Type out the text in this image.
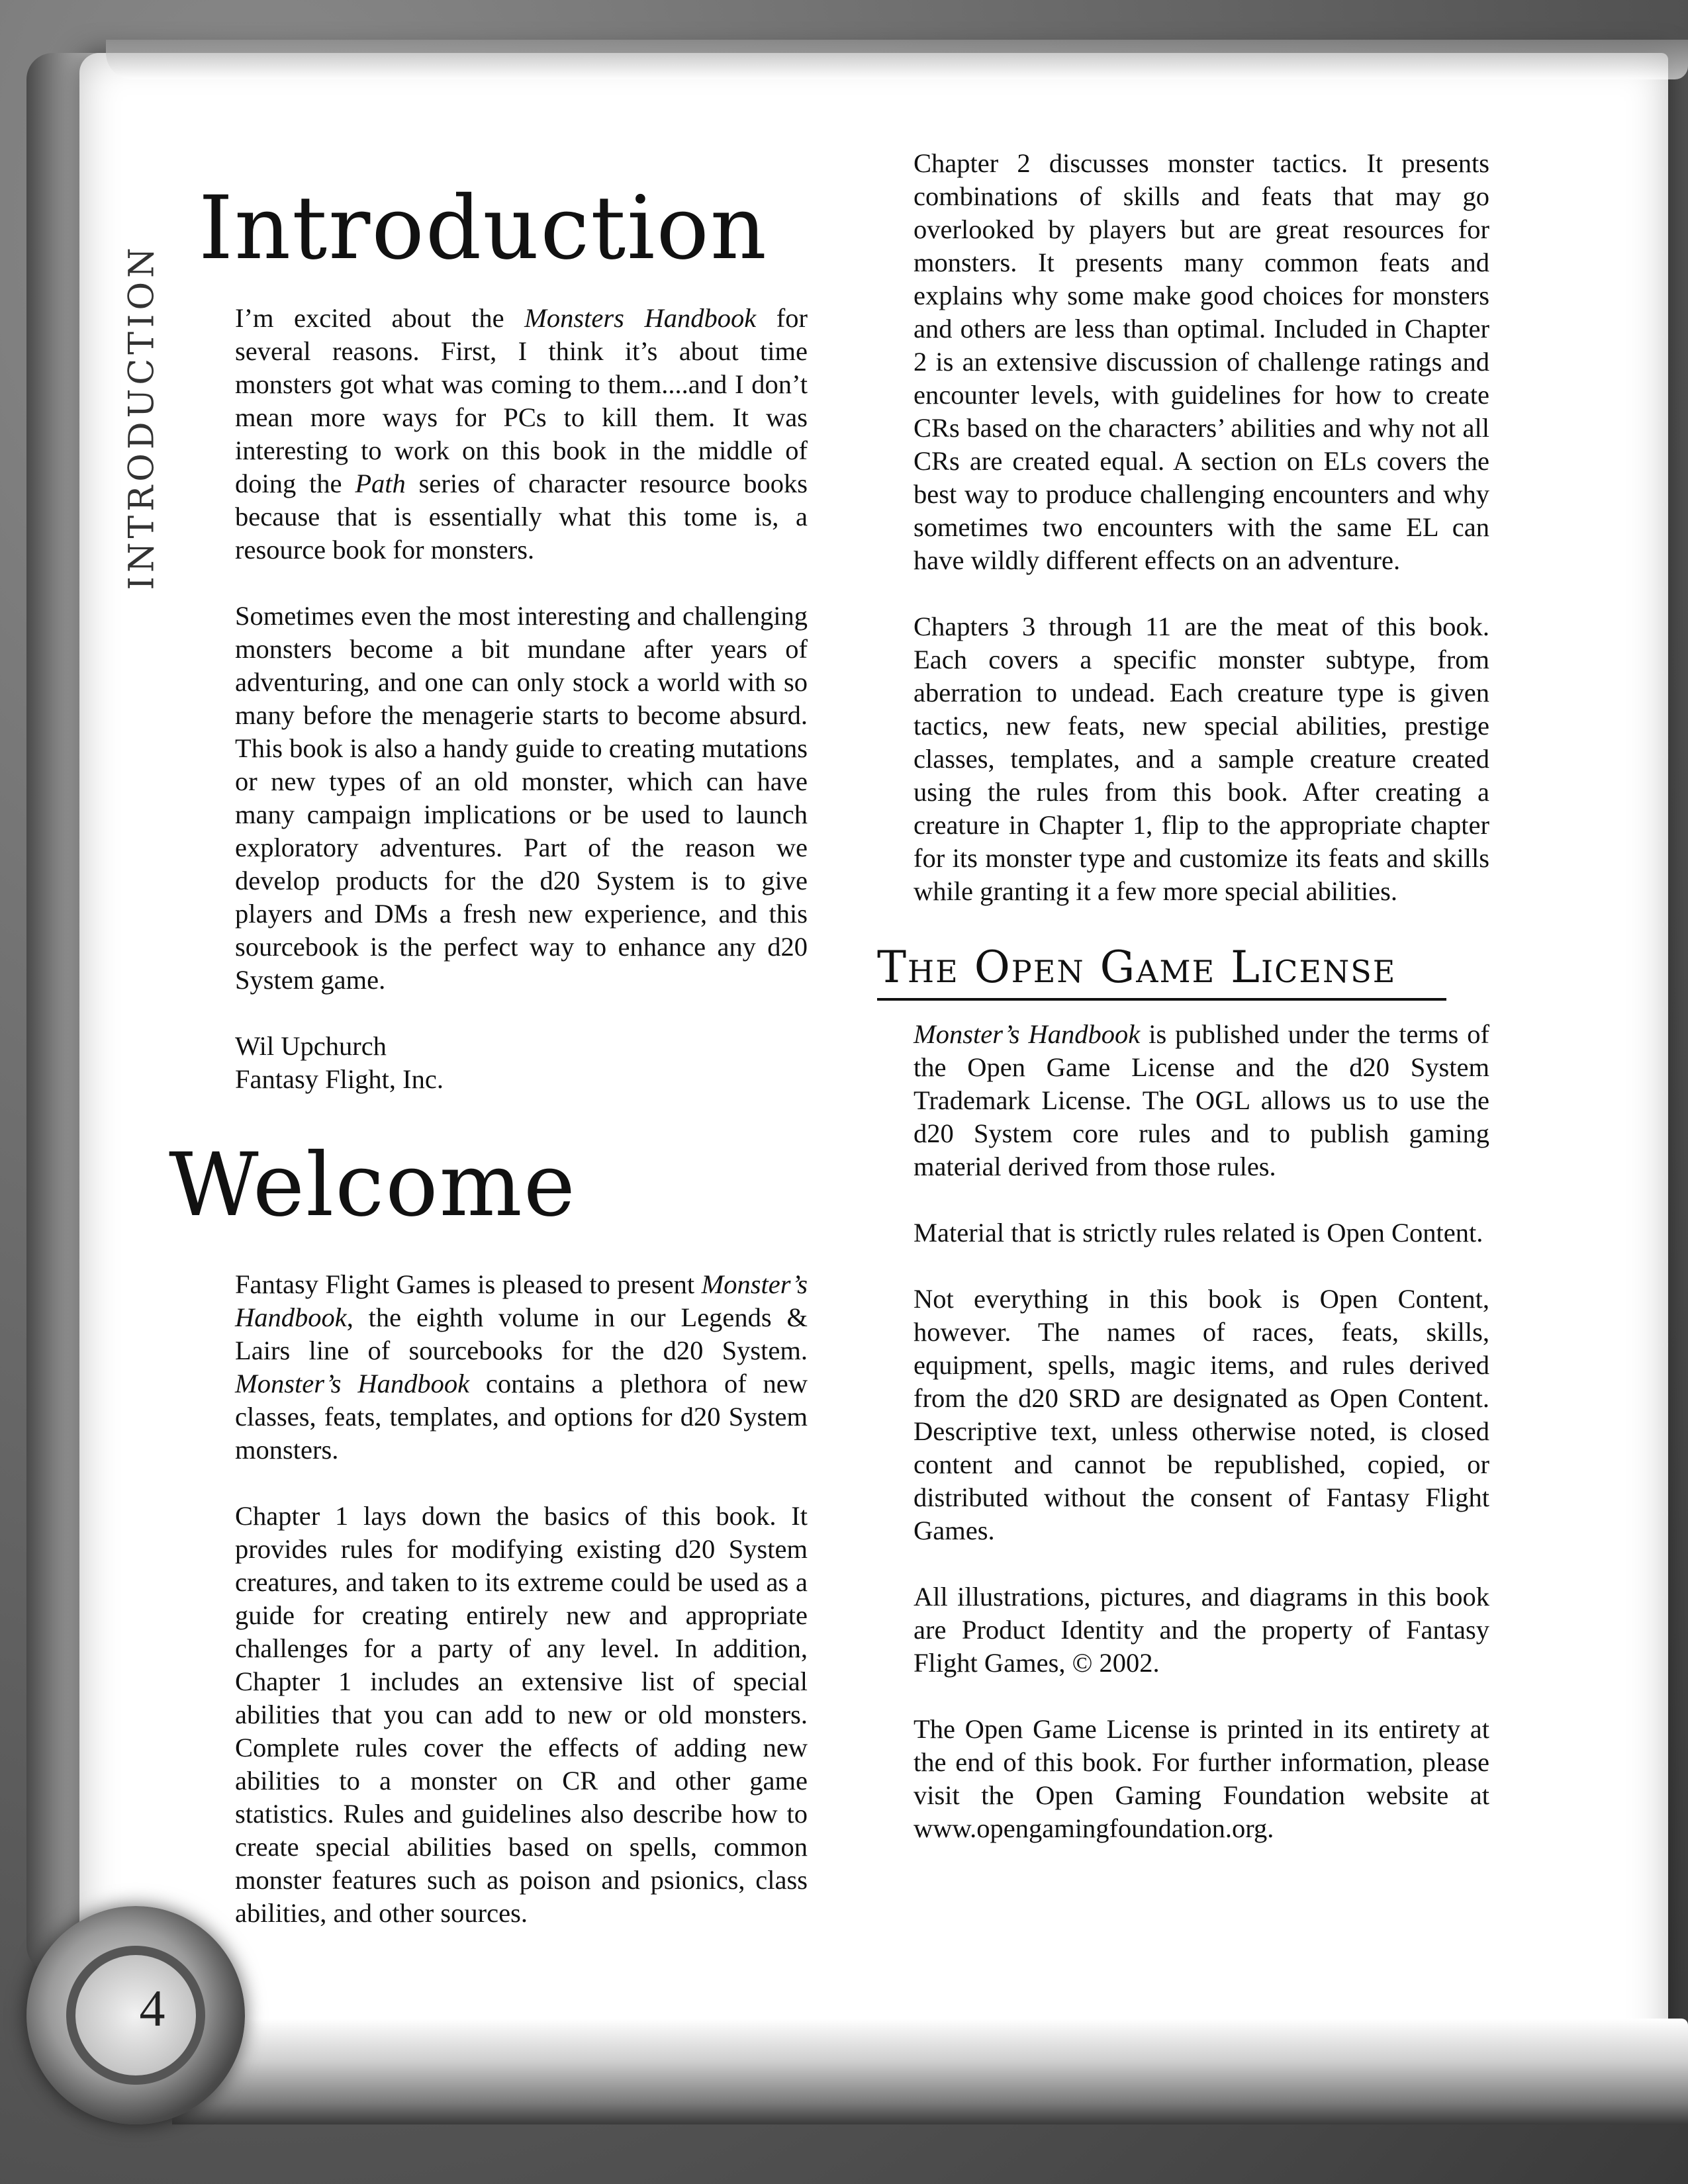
INTRODUCTION
4
Introduction

I’m excited about the Monsters Handbook for several reasons. First, I think it’s about time monsters got what was coming to them....and I don’t mean more ways for PCs to kill them. It was interesting to work on this book in the middle of doing the Path series of character resource books because that is essentially what this tome is, a resource book for monsters.

Sometimes even the most interesting and challenging monsters become a bit mundane after years of adventuring, and one can only stock a world with so many before the menagerie starts to become absurd. This book is also a handy guide to creating mutations or new types of an old monster, which can have many campaign implications or be used to launch exploratory adventures. Part of the reason we develop products for the d20 System is to give players and DMs a fresh new experience, and this sourcebook is the perfect way to enhance any d20 System game.

Wil Upchurch
Fantasy Flight, Inc.
Welcome

Fantasy Flight Games is pleased to present Monster’s Handbook, the eighth volume in our Legends & Lairs line of sourcebooks for the d20 System. Monster’s Handbook contains a plethora of new classes, feats, templates, and options for d20 System monsters.

Chapter 1 lays down the basics of this book. It provides rules for modifying existing d20 System creatures, and taken to its extreme could be used as a guide for creating entirely new and appropriate challenges for a party of any level. In addition, Chapter 1 includes an extensive list of special abilities that you can add to new or old monsters. Complete rules cover the effects of adding new abilities to a monster on CR and other game statistics. Rules and guidelines also describe how to create special abilities based on spells, common monster features such as poison and psionics, class abilities, and other sources.

Chapter 2 discusses monster tactics. It presents combinations of skills and feats that may go overlooked by players but are great resources for monsters. It presents many common feats and explains why some make good choices for monsters and others are less than optimal. Included in Chapter 2 is an extensive discussion of challenge ratings and encounter levels, with guidelines for how to create CRs based on the characters’ abilities and why not all CRs are created equal. A section on ELs covers the best way to produce challenging encounters and why sometimes two encounters with the same EL can have wildly different effects on an adventure.

Chapters 3 through 11 are the meat of this book. Each covers a specific monster subtype, from aberration to undead. Each creature type is given tactics, new feats, new special abilities, prestige classes, templates, and a sample creature created using the rules from this book. After creating a creature in Chapter 1, flip to the appropriate chapter for its monster type and customize its feats and skills while granting it a few more special abilities.

The Open Game License

Monster’s Handbook is published under the terms of the Open Game License and the d20 System Trademark License. The OGL allows us to use the d20 System core rules and to publish gaming material derived from those rules.

Material that is strictly rules related is Open Content.

Not everything in this book is Open Content, however. The names of races, feats, skills, equipment, spells, magic items, and rules derived from the d20 SRD are designated as Open Content. Descriptive text, unless otherwise noted, is closed content and cannot be republished, copied, or distributed without the consent of Fantasy Flight Games.

All illustrations, pictures, and diagrams in this book are Product Identity and the property of Fantasy Flight Games, © 2002.

The Open Game License is printed in its entirety at the end of this book. For further information, please visit the Open Gaming Foundation website at www.opengamingfoundation.org.
